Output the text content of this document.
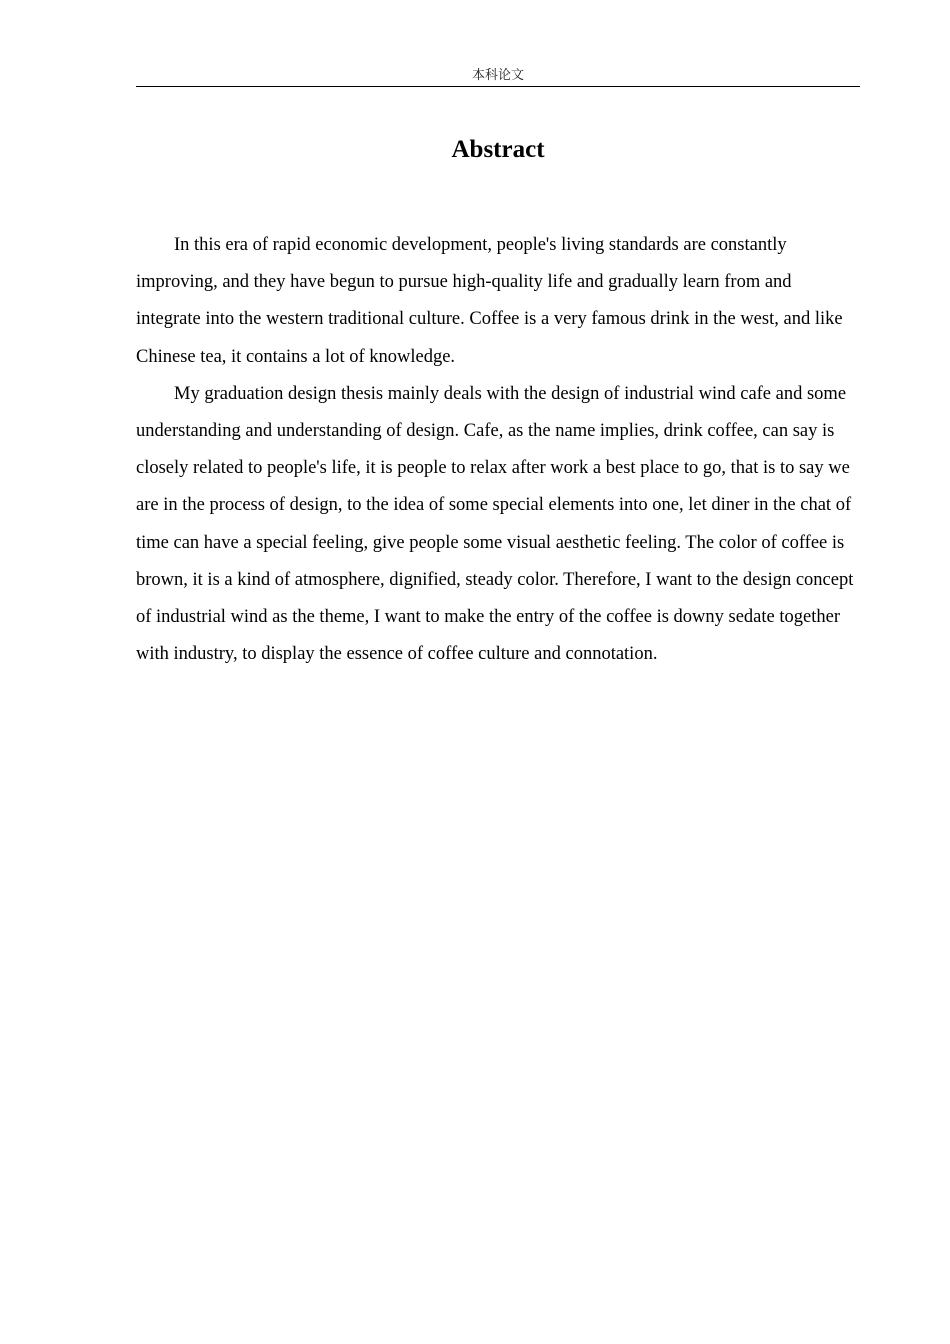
本科论文
Abstract

In this era of rapid economic development, people's living standards are constantly improving, and they have begun to pursue high-quality life and gradually learn from and integrate into the western traditional culture. Coffee is a very famous drink in the west, and like Chinese tea, it contains a lot of knowledge.

My graduation design thesis mainly deals with the design of industrial wind cafe and some understanding and understanding of design. Cafe, as the name implies, drink coffee, can say is closely related to people's life, it is people to relax after work a best place to go, that is to say we are in the process of design, to the idea of some special elements into one, let diner in the chat of time can have a special feeling, give people some visual aesthetic feeling. The color of coffee is brown, it is a kind of atmosphere, dignified, steady color. Therefore, I want to the design concept of industrial wind as the theme, I want to make the entry of the coffee is downy sedate together with industry, to display the essence of coffee culture and connotation.
